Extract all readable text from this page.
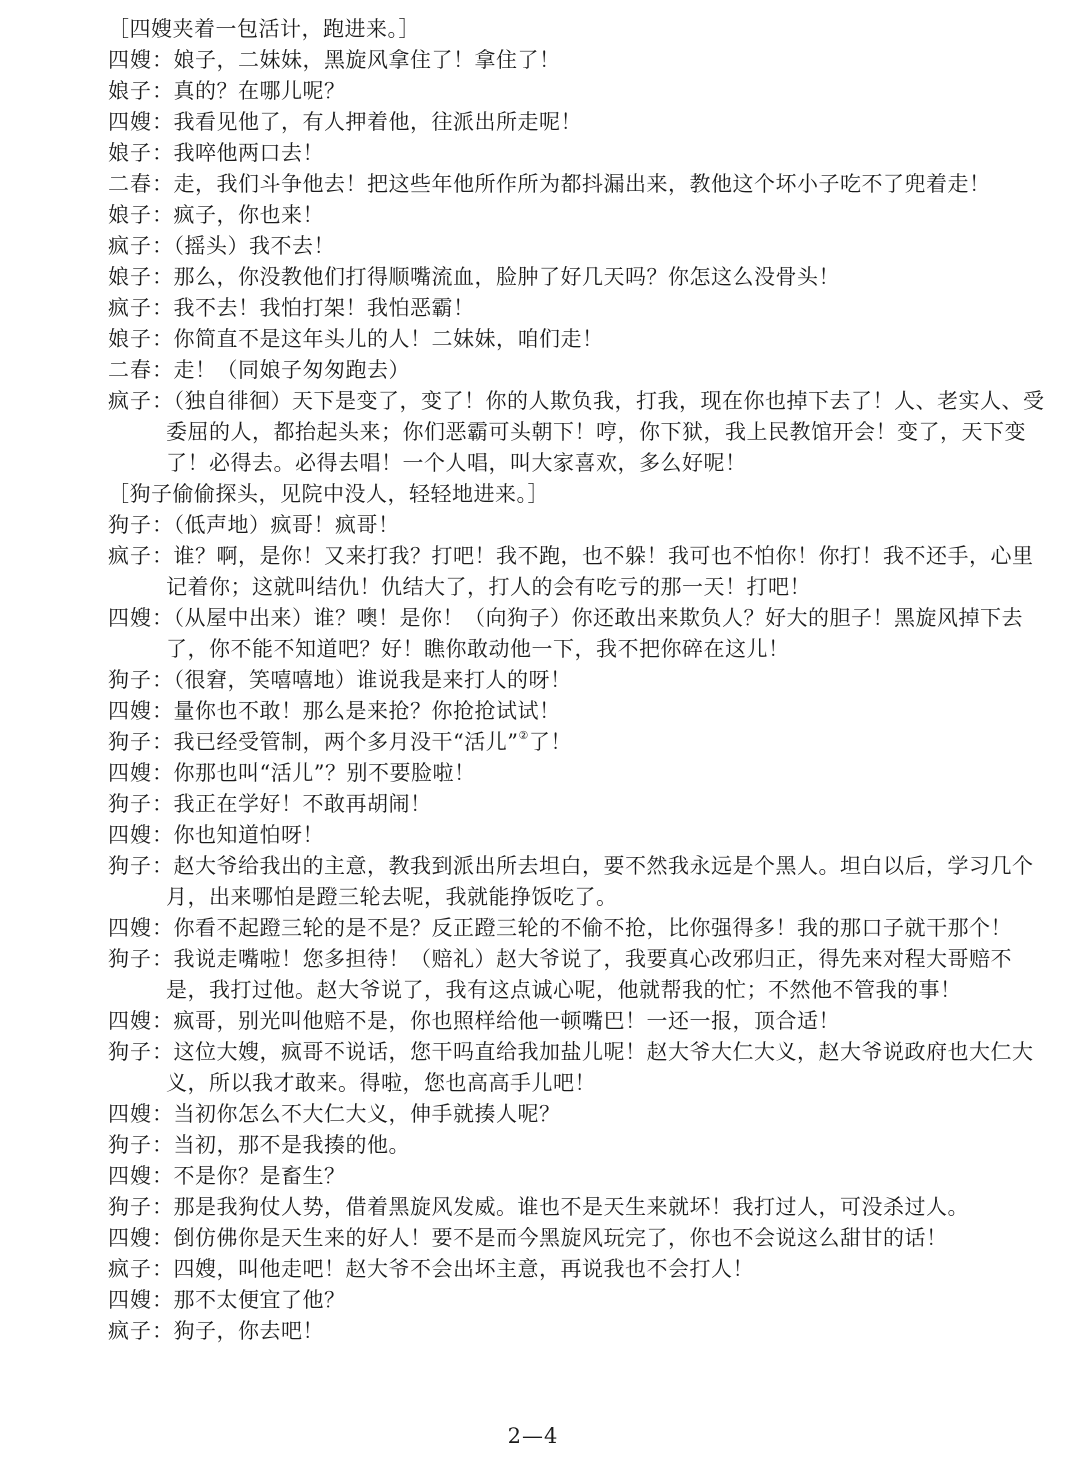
［四嫂夹着一包活计，跑进来。］
四嫂：娘子，二妹妹，黑旋风拿住了！拿住了！
娘子：真的？在哪儿呢？
四嫂：我看见他了，有人押着他，往派出所走呢！
娘子：我啐他两口去！
二春：走，我们斗争他去！把这些年他所作所为都抖漏出来，教他这个坏小子吃不了兜着走！
娘子：疯子，你也来！
疯子：（摇头）我不去！
娘子：那么，你没教他们打得顺嘴流血，脸肿了好几天吗？你怎这么没骨头！
疯子：我不去！我怕打架！我怕恶霸！
娘子：你简直不是这年头儿的人！二妹妹，咱们走！
二春：走！（同娘子匆匆跑去）
疯子：（独自徘徊）天下是变了，变了！你的人欺负我，打我，现在你也掉下去了！人、老实人、受委屈的人，都抬起头来；你们恶霸可头朝下！哼，你下狱，我上民教馆开会！变了，天下变了！必得去。必得去唱！一个人唱，叫大家喜欢，多么好呢！
［狗子偷偷探头，见院中没人，轻轻地进来。］
狗子：（低声地）疯哥！疯哥！
疯子：谁？啊，是你！又来打我？打吧！我不跑，也不躲！我可也不怕你！你打！我不还手，心里记着你；这就叫结仇！仇结大了，打人的会有吃亏的那一天！打吧！
四嫂：（从屋中出来）谁？噢！是你！（向狗子）你还敢出来欺负人？好大的胆子！黑旋风掉下去了，你不能不知道吧？好！瞧你敢动他一下，我不把你碎在这儿！
狗子：（很窘，笑嘻嘻地）谁说我是来打人的呀！
四嫂：量你也不敢！那么是来抢？你抢抢试试！
狗子：我已经受管制，两个多月没干“活儿”②了！
四嫂：你那也叫“活儿”？别不要脸啦！
狗子：我正在学好！不敢再胡闹！
四嫂：你也知道怕呀！
狗子：赵大爷给我出的主意，教我到派出所去坦白，要不然我永远是个黑人。坦白以后，学习几个月，出来哪怕是蹬三轮去呢，我就能挣饭吃了。
四嫂：你看不起蹬三轮的是不是？反正蹬三轮的不偷不抢，比你强得多！我的那口子就干那个！
狗子：我说走嘴啦！您多担待！（赔礼）赵大爷说了，我要真心改邪归正，得先来对程大哥赔不是，我打过他。赵大爷说了，我有这点诚心呢，他就帮我的忙；不然他不管我的事！
四嫂：疯哥，别光叫他赔不是，你也照样给他一顿嘴巴！一还一报，顶合适！
狗子：这位大嫂，疯哥不说话，您干吗直给我加盐儿呢！赵大爷大仁大义，赵大爷说政府也大仁大义，所以我才敢来。得啦，您也高高手儿吧！
四嫂：当初你怎么不大仁大义，伸手就揍人呢？
狗子：当初，那不是我揍的他。
四嫂：不是你？是畜生？
狗子：那是我狗仗人势，借着黑旋风发威。谁也不是天生来就坏！我打过人，可没杀过人。
四嫂：倒仿佛你是天生来的好人！要不是而今黑旋风玩完了，你也不会说这么甜甘的话！
疯子：四嫂，叫他走吧！赵大爷不会出坏主意，再说我也不会打人！
四嫂：那不太便宜了他？
疯子：狗子，你去吧！
2—4
